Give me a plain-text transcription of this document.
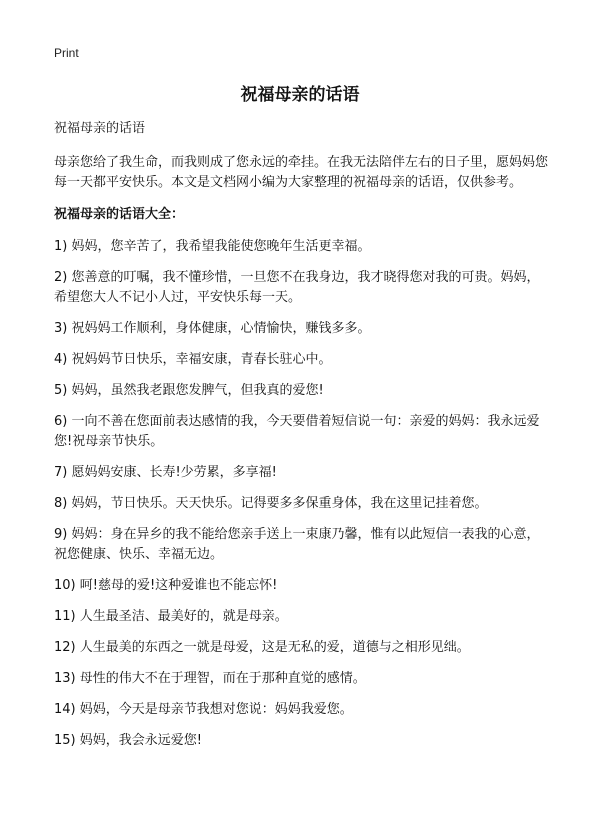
Print
祝福母亲的话语
祝福母亲的话语
母亲您给了我生命，而我则成了您永远的牵挂。在我无法陪伴左右的日子里，愿妈妈您每一天都平安快乐。本文是文档网小编为大家整理的祝福母亲的话语，仅供参考。
祝福母亲的话语大全：
1) 妈妈，您辛苦了，我希望我能使您晚年生活更幸福。
2) 您善意的叮嘱，我不懂珍惜，一旦您不在我身边，我才晓得您对我的可贵。妈妈，希望您大人不记小人过，平安快乐每一天。
3) 祝妈妈工作顺利，身体健康，心情愉快，赚钱多多。
4) 祝妈妈节日快乐，幸福安康，青春长驻心中。
5) 妈妈，虽然我老跟您发脾气，但我真的爱您!
6) 一向不善在您面前表达感情的我，今天要借着短信说一句：亲爱的妈妈：我永远爱您!祝母亲节快乐。
7) 愿妈妈安康、长寿!少劳累，多享福!
8) 妈妈，节日快乐。天天快乐。记得要多多保重身体，我在这里记挂着您。
9) 妈妈：身在异乡的我不能给您亲手送上一束康乃馨，惟有以此短信一表我的心意，祝您健康、快乐、幸福无边。
10) 呵!慈母的爱!这种爱谁也不能忘怀!
11) 人生最圣洁、最美好的，就是母亲。
12) 人生最美的东西之一就是母爱，这是无私的爱，道德与之相形见绌。
13) 母性的伟大不在于理智，而在于那种直觉的感情。
14) 妈妈，今天是母亲节我想对您说：妈妈我爱您。
15) 妈妈，我会永远爱您!
